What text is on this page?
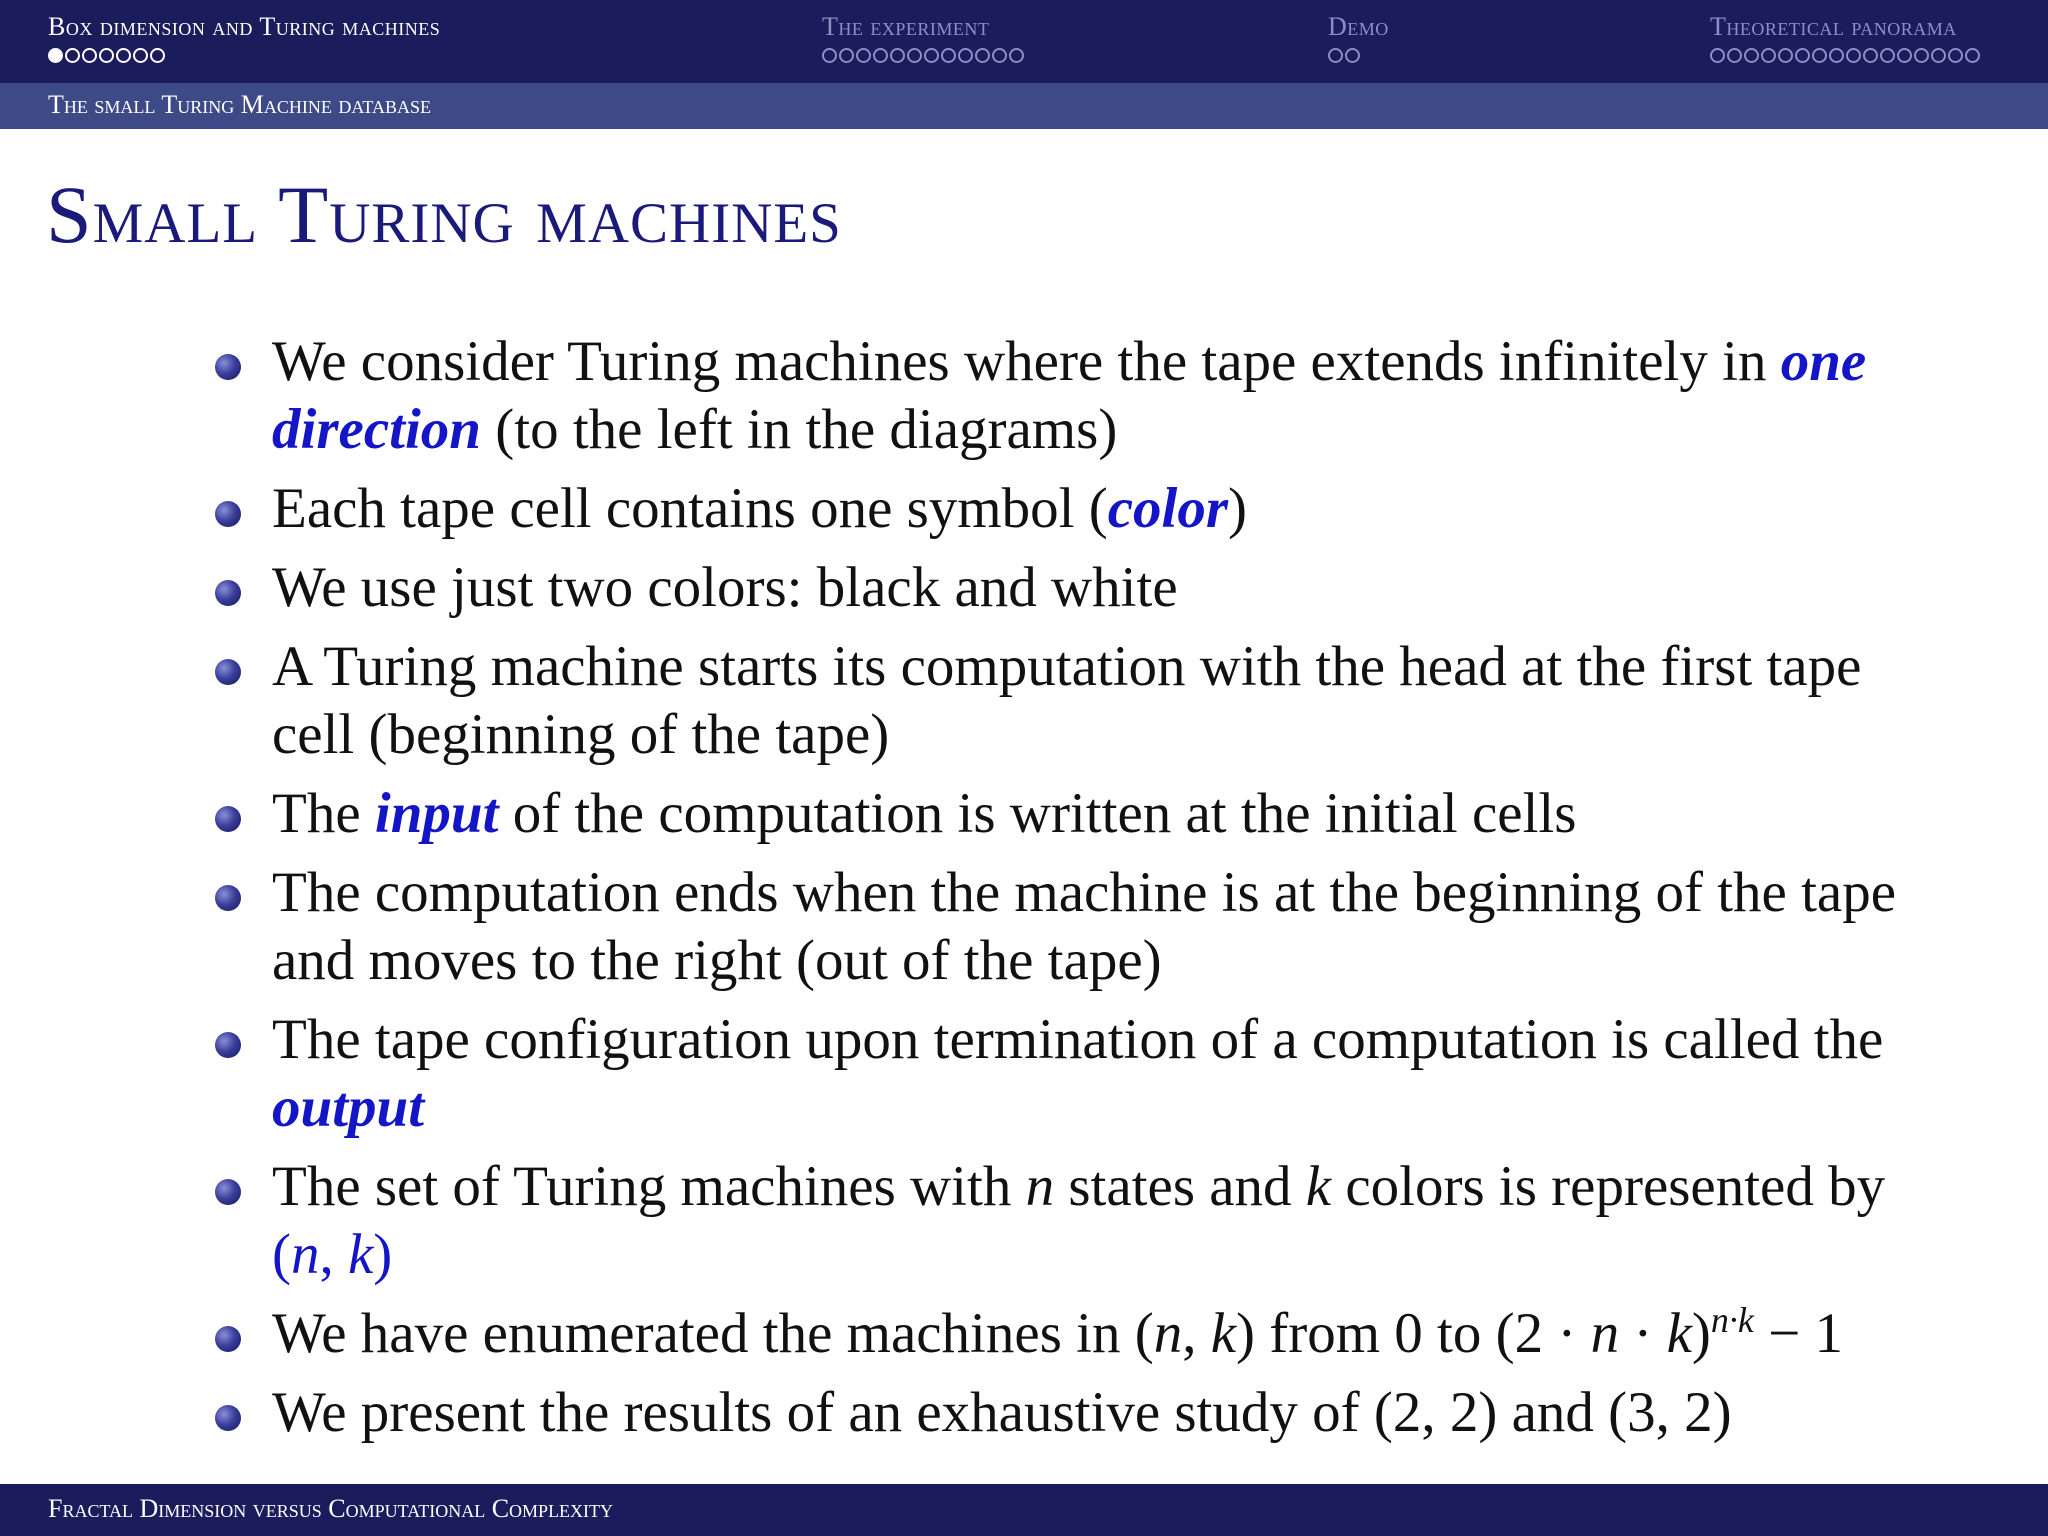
Box dimension and Turing machines	The experiment	Demo	Theoretical panorama
The small Turing Machine database
Small Turing machines
We consider Turing machines where the tape extends infinitely in one direction (to the left in the diagrams)
Each tape cell contains one symbol (color)
We use just two colors: black and white
A Turing machine starts its computation with the head at the first tape cell (beginning of the tape)
The input of the computation is written at the initial cells
The computation ends when the machine is at the beginning of the tape and moves to the right (out of the tape)
The tape configuration upon termination of a computation is called the output
The set of Turing machines with n states and k colors is represented by (n, k)
We have enumerated the machines in (n, k) from 0 to $(2 \cdot n \cdot k)^{n\cdot k} - 1$
We present the results of an exhaustive study of (2, 2) and (3, 2)
Fractal Dimension versus Computational Complexity
